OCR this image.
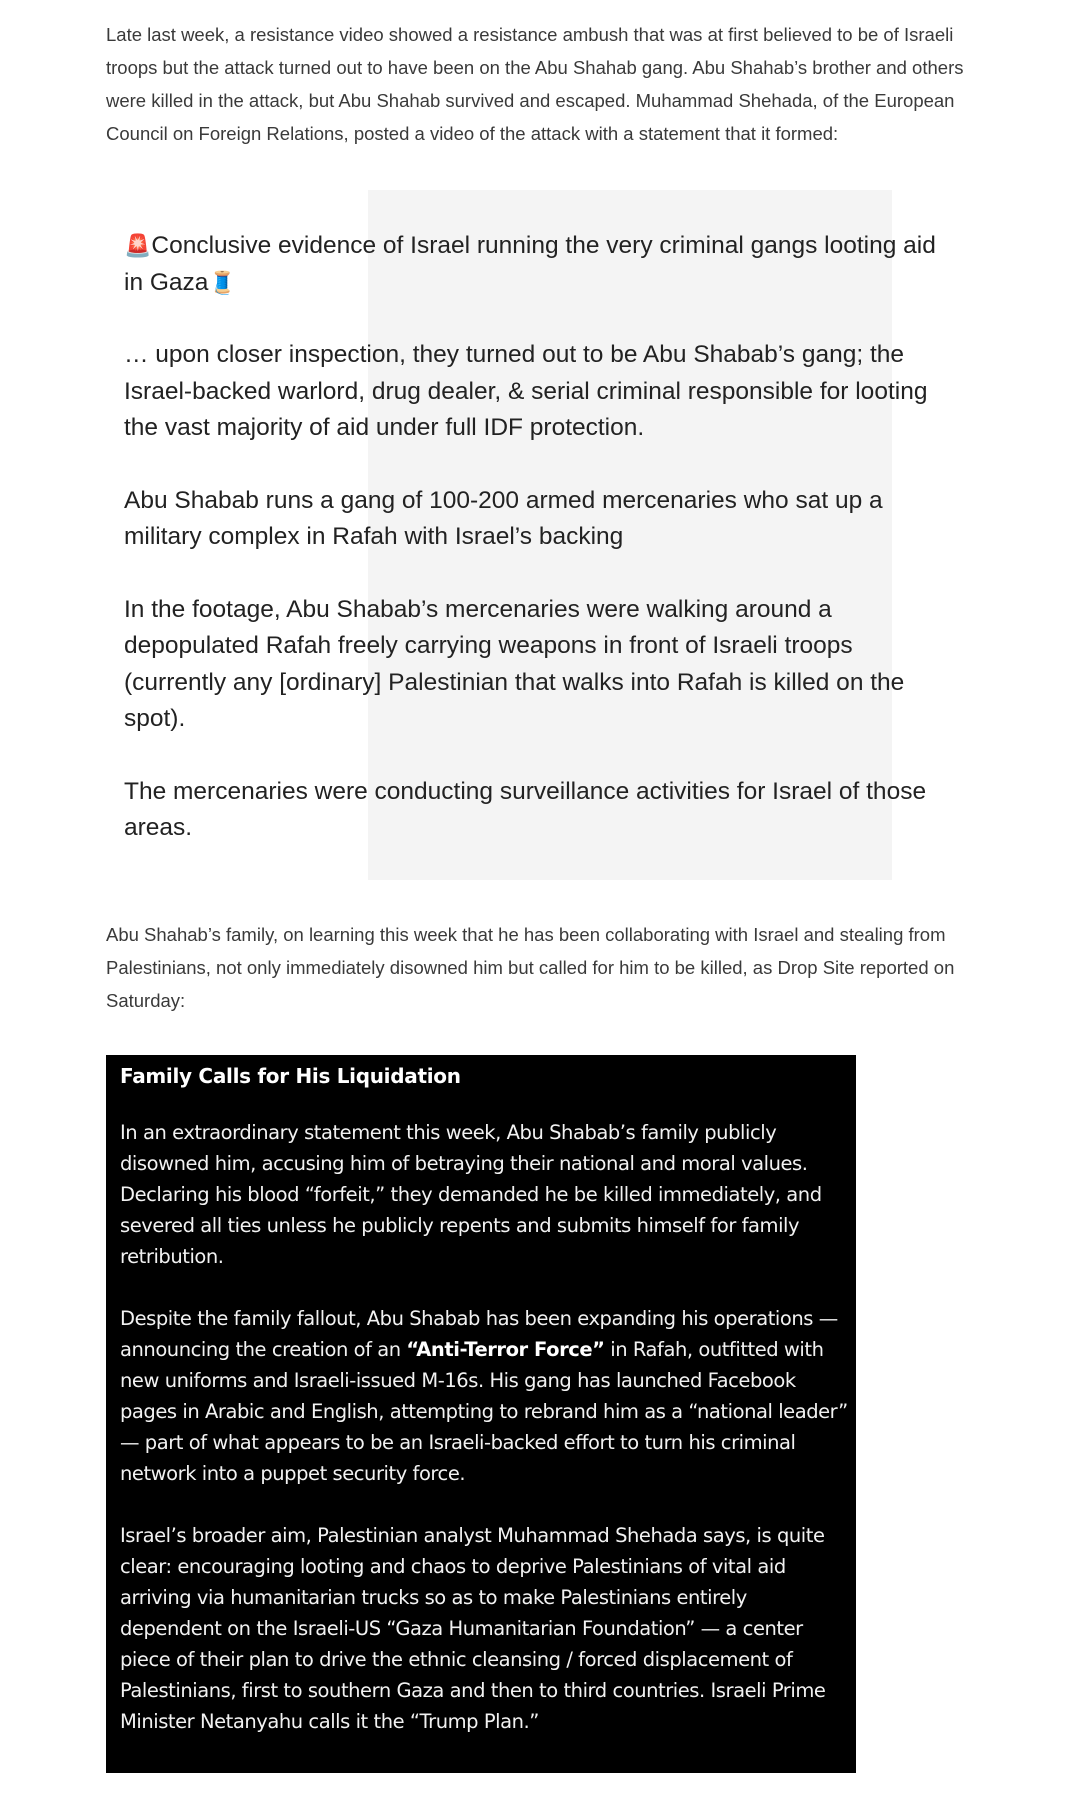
Late last week, a resistance video showed a resistance ambush that was at first believed to be of Israeli troops but the attack turned out to have been on the Abu Shahab gang. Abu Shahab’s brother and others were killed in the attack, but Abu Shahab survived and escaped. Muhammad Shehada, of the European Council on Foreign Relations, posted a video of the attack with a statement that it formed:

🚨Conclusive evidence of Israel running the very criminal gangs looting aid in Gaza🧵

… upon closer inspection, they turned out to be Abu Shabab’s gang; the Israel-backed warlord, drug dealer, & serial criminal responsible for looting the vast majority of aid under full IDF protection.

Abu Shabab runs a gang of 100-200 armed mercenaries who sat up a military complex in Rafah with Israel’s backing

In the footage, Abu Shabab’s mercenaries were walking around a depopulated Rafah freely carrying weapons in front of Israeli troops (currently any [ordinary] Palestinian that walks into Rafah is killed on the spot).

The mercenaries were conducting surveillance activities for Israel of those areas.

Abu Shahab’s family, on learning this week that he has been collaborating with Israel and stealing from Palestinians, not only immediately disowned him but called for him to be killed, as Drop Site reported on Saturday:

Family Calls for His Liquidation

In an extraordinary statement this week, Abu Shabab’s family publicly disowned him, accusing him of betraying their national and moral values. Declaring his blood “forfeit,” they demanded he be killed immediately, and severed all ties unless he publicly repents and submits himself for family retribution.

Despite the family fallout, Abu Shabab has been expanding his operations — announcing the creation of an “Anti-Terror Force” in Rafah, outfitted with new uniforms and Israeli-issued M-16s. His gang has launched Facebook pages in Arabic and English, attempting to rebrand him as a “national leader” — part of what appears to be an Israeli-backed effort to turn his criminal network into a puppet security force.

Israel’s broader aim, Palestinian analyst Muhammad Shehada says, is quite clear: encouraging looting and chaos to deprive Palestinians of vital aid arriving via humanitarian trucks so as to make Palestinians entirely dependent on the Israeli-US “Gaza Humanitarian Foundation” — a center piece of their plan to drive the ethnic cleansing / forced displacement of Palestinians, first to southern Gaza and then to third countries. Israeli Prime Minister Netanyahu calls it the “Trump Plan.”
